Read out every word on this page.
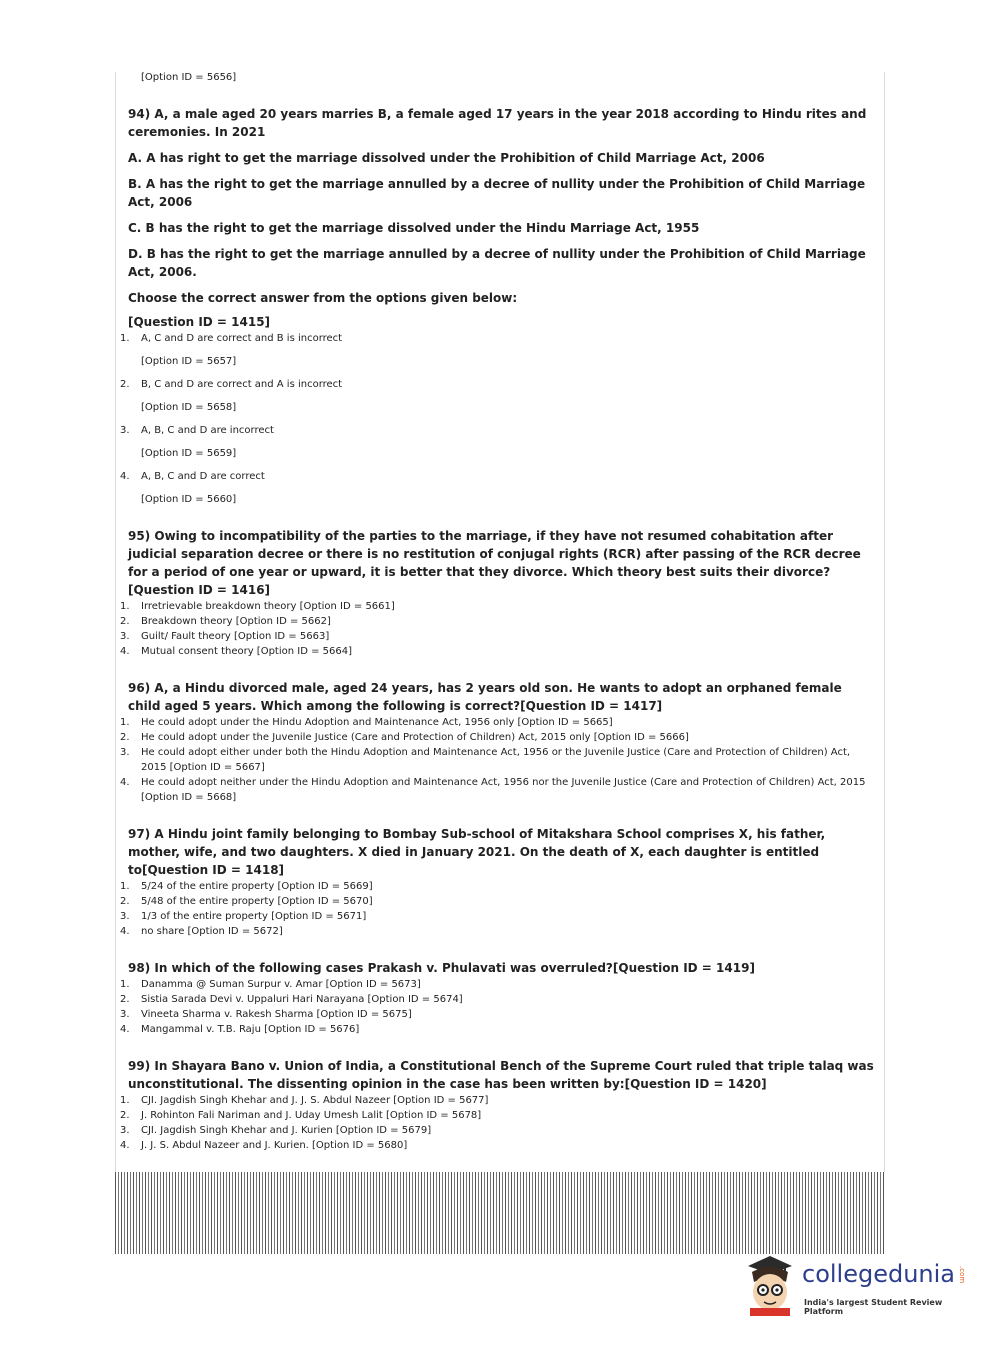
[Option ID = 5656]

94) A, a male aged 20 years marries B, a female aged 17 years in the year 2018 according to Hindu rites and ceremonies. In 2021

A. A has right to get the marriage dissolved under the Prohibition of Child Marriage Act, 2006

B. A has the right to get the marriage annulled by a decree of nullity under the Prohibition of Child Marriage Act, 2006

C. B has the right to get the marriage dissolved under the Hindu Marriage Act, 1955

D. B has the right to get the marriage annulled by a decree of nullity under the Prohibition of Child Marriage Act, 2006.

Choose the correct answer from the options given below:

[Question ID = 1415]

1.	A, C and D are correct and B is incorrect
[Option ID = 5657]
2.	B, C and D are correct and A is incorrect
[Option ID = 5658]
3.	A, B, C and D are incorrect
[Option ID = 5659]
4.	A, B, C and D are correct
[Option ID = 5660]

95) Owing to incompatibility of the parties to the marriage, if they have not resumed cohabitation after judicial separation decree or there is no restitution of conjugal rights (RCR) after passing of the RCR decree for a period of one year or upward, it is better that they divorce. Which theory best suits their divorce?[Question ID = 1416]

1.	Irretrievable breakdown theory [Option ID = 5661]
2.	Breakdown theory [Option ID = 5662]
3.	Guilt/ Fault theory [Option ID = 5663]
4.	Mutual consent theory [Option ID = 5664]

96) A, a Hindu divorced male, aged 24 years, has 2 years old son. He wants to adopt an orphaned female child aged 5 years. Which among the following is correct?[Question ID = 1417]

1.	He could adopt under the Hindu Adoption and Maintenance Act, 1956 only [Option ID = 5665]
2.	He could adopt under the Juvenile Justice (Care and Protection of Children) Act, 2015 only [Option ID = 5666]
3.	He could adopt either under both the Hindu Adoption and Maintenance Act, 1956 or the Juvenile Justice (Care and Protection of Children) Act, 2015 [Option ID = 5667]
4.	He could adopt neither under the Hindu Adoption and Maintenance Act, 1956 nor the Juvenile Justice (Care and Protection of Children) Act, 2015 [Option ID = 5668]

97) A Hindu joint family belonging to Bombay Sub-school of Mitakshara School comprises X, his father, mother, wife, and two daughters. X died in January 2021. On the death of X, each daughter is entitled to[Question ID = 1418]

1.	5/24 of the entire property [Option ID = 5669]
2.	5/48 of the entire property [Option ID = 5670]
3.	1/3 of the entire property [Option ID = 5671]
4.	no share [Option ID = 5672]

98) In which of the following cases Prakash v. Phulavati was overruled?[Question ID = 1419]

1.	Danamma @ Suman Surpur v. Amar [Option ID = 5673]
2.	Sistia Sarada Devi v. Uppaluri Hari Narayana [Option ID = 5674]
3.	Vineeta Sharma v. Rakesh Sharma [Option ID = 5675]
4.	Mangammal v. T.B. Raju [Option ID = 5676]

99) In Shayara Bano v. Union of India, a Constitutional Bench of the Supreme Court ruled that triple talaq was unconstitutional. The dissenting opinion in the case has been written by:[Question ID = 1420]

1.	CJI. Jagdish Singh Khehar and J. J. S. Abdul Nazeer [Option ID = 5677]
2.	J. Rohinton Fali Nariman and J. Uday Umesh Lalit [Option ID = 5678]
3.	CJI. Jagdish Singh Khehar and J. Kurien [Option ID = 5679]
4.	J. J. S. Abdul Nazeer and J. Kurien. [Option ID = 5680]

collegedunia .com
India's largest Student Review Platform
